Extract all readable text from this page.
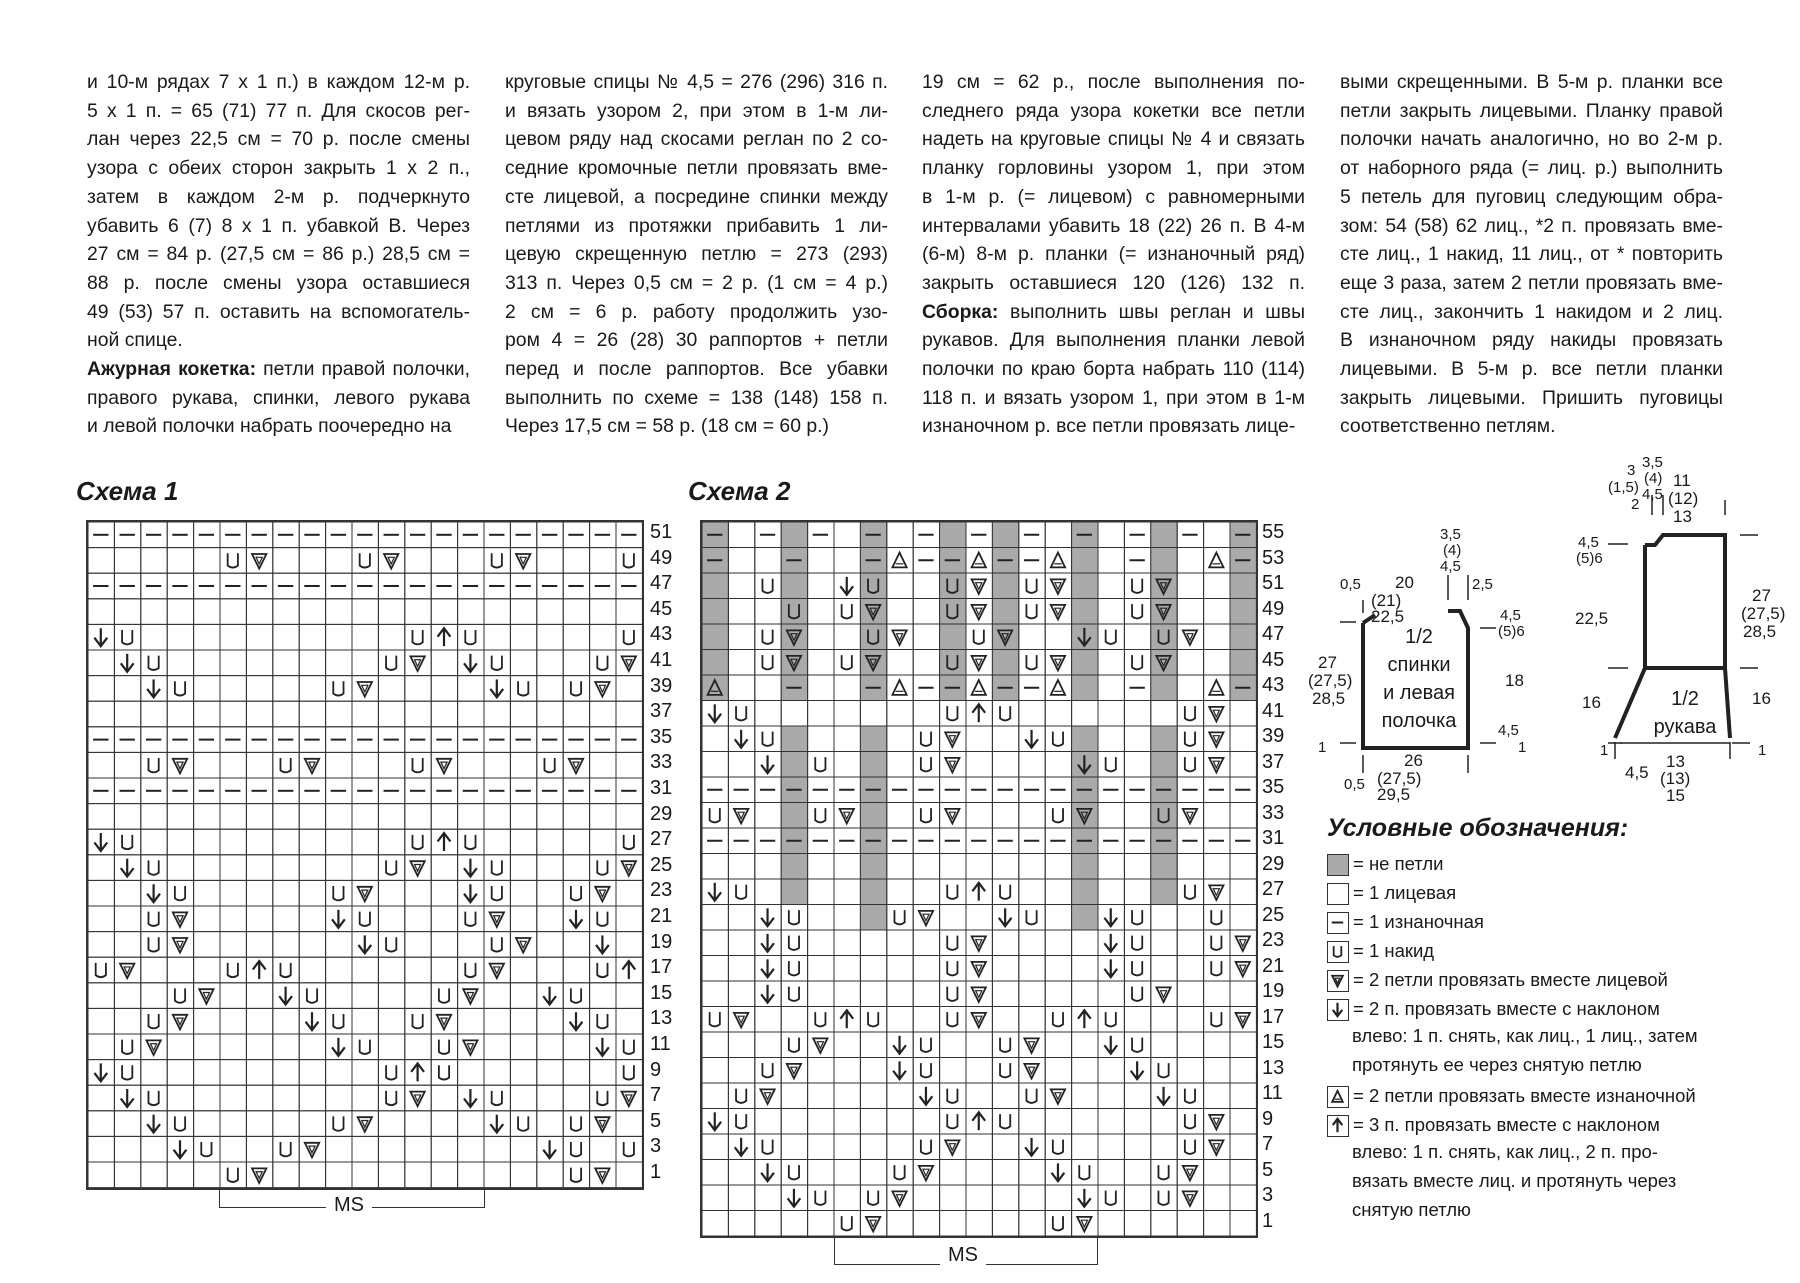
и 10-м рядах 7 х 1 п.) в каждом 12-м р.

5 х 1 п. = 65 (71) 77 п. Для скосов рег-

лан через 22,5 см = 70 р. после смены

узора с обеих сторон закрыть 1 х 2 п.,

затем в каждом 2-м р. подчеркнуто

убавить 6 (7) 8 х 1 п. убавкой В. Через

27 см = 84 р. (27,5 см = 86 р.) 28,5 см =

88 р. после смены узора оставшиеся

49 (53) 57 п. оставить на вспомогатель-

ной спице.

Ажурная кокетка: петли правой полочки,

правого рукава, спинки, левого рукава

и левой полочки набрать поочередно на

круговые спицы № 4,5 = 276 (296) 316 п.

и вязать узором 2, при этом в 1-м ли-

цевом ряду над скосами реглан по 2 со-

седние кромочные петли провязать вме-

сте лицевой, а посредине спинки между

петлями из протяжки прибавить 1 ли-

цевую скрещенную петлю = 273 (293)

313 п. Через 0,5 см = 2 р. (1 см = 4 р.)

2 см = 6 р. работу продолжить узо-

ром 4 = 26 (28) 30 раппортов + петли

перед и после раппортов. Все убавки

выполнить по схеме = 138 (148) 158 п.

Через 17,5 см = 58 р. (18 см = 60 р.)

19 см = 62 р., после выполнения по-

следнего ряда узора кокетки все петли

надеть на круговые спицы № 4 и связать

планку горловины узором 1, при этом

в 1-м р. (= лицевом) с равномерными

интервалами убавить 18 (22) 26 п. В 4-м

(6-м) 8-м р. планки (= изнаночный ряд)

закрыть оставшиеся 120 (126) 132 п.

Сборка: выполнить швы реглан и швы

рукавов. Для выполнения планки левой

полочки по краю борта набрать 110 (114)

118 п. и вязать узором 1, при этом в 1-м

изнаночном р. все петли провязать лице-

выми скрещенными. В 5-м р. планки все

петли закрыть лицевыми. Планку правой

полочки начать аналогично, но во 2-м р.

от наборного ряда (= лиц. р.) выполнить

5 петель для пуговиц следующим обра-

зом: 54 (58) 62 лиц., *2 п. провязать вме-

сте лиц., 1 накид, 11 лиц., от * повторить

еще 3 раза, затем 2 петли провязать вме-

сте лиц., закончить 1 накидом и 2 лиц.

В изнаночном ряду накиды провязать

лицевыми. В 5-м р. все петли планки

закрыть лицевыми. Пришить пуговицы

соответственно петлям.

Схема 1
51
49
47
45
43
41
39
37
35
33
31
29
27
25
23
21
19
17
15
13
11
9
7
5
3
1
MS
Схема 2
55
53
51
49
47
45
43
41
39
37
35
33
31
29
27
25
23
21
19
17
15
13
11
9
7
5
3
1
MS
1/2
спинки
и левая
полочка
3,5
(4)
4,5
0,5 20
(21) 22,5
2,5
4,5
(5)6
27
(27,5)
28,5
18
4,5
1
1
26
(27,5) 29,5
0,5
1/2
рукава
3
(1,5)
2
3,5
(4)
4,5
11
(12)
13
4,5
(5)6
22,5
27
(27,5)
28,5
16	16
1
1
13
4,5 (13)
15
Условные обозначения:
= не петли
= 1 лицевая
= 1 изнаночная
= 1 накид
= 2 петли провязать вместе лицевой
= 2 п. провязать вместе с наклоном
влево: 1 п. снять, как лиц., 1 лиц., затем
протянуть ее через снятую петлю
= 2 петли провязать вместе изнаночной
= 3 п. провязать вместе с наклоном
влево: 1 п. снять, как лиц., 2 п. про-
вязать вместе лиц. и протянуть через
снятую петлю
